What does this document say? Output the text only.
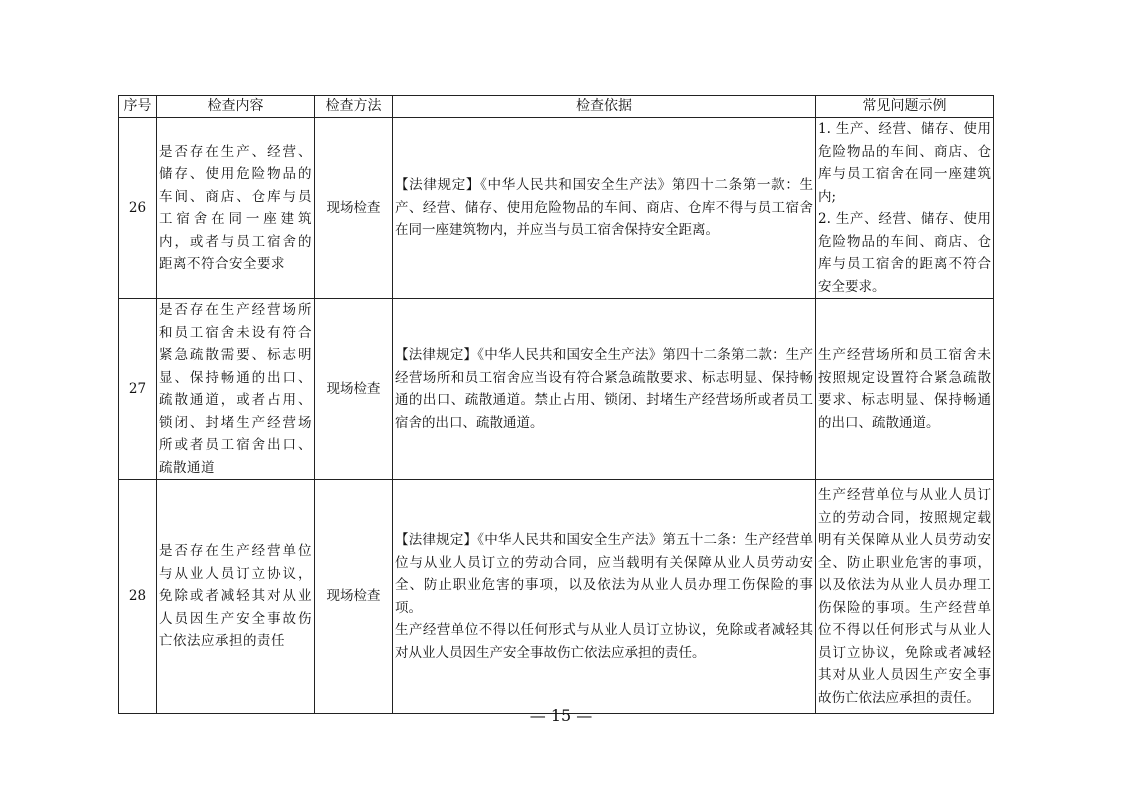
序号	检查内容	检查方法	检查依据	常见问题示例
26	是否存在生产、经营、储存、使用危险物品的车间、商店、仓库与员工宿舍在同一座建筑内，或者与员工宿舍的距离不符合安全要求	现场检查	【法律规定】《中华人民共和国安全生产法》第四十二条第一款：生产、经营、储存、使用危险物品的车间、商店、仓库不得与员工宿舍在同一座建筑物内，并应当与员工宿舍保持安全距离。	1. 生产、经营、储存、使用危险物品的车间、商店、仓库与员工宿舍在同一座建筑内;
2. 生产、经营、储存、使用危险物品的车间、商店、仓库与员工宿舍的距离不符合安全要求。

27	是否存在生产经营场所和员工宿舍未设有符合紧急疏散需要、标志明显、保持畅通的出口、疏散通道，或者占用、锁闭、封堵生产经营场所或者员工宿舍出口、疏散通道	现场检查	【法律规定】《中华人民共和国安全生产法》第四十二条第二款：生产经营场所和员工宿舍应当设有符合紧急疏散要求、标志明显、保持畅通的出口、疏散通道。禁止占用、锁闭、封堵生产经营场所或者员工宿舍的出口、疏散通道。	生产经营场所和员工宿舍未按照规定设置符合紧急疏散要求、标志明显、保持畅通的出口、疏散通道。

28	是否存在生产经营单位与从业人员订立协议，免除或者减轻其对从业人员因生产安全事故伤亡依法应承担的责任	现场检查	【法律规定】《中华人民共和国安全生产法》第五十二条：生产经营单位与从业人员订立的劳动合同，应当载明有关保障从业人员劳动安全、防止职业危害的事项，以及依法为从业人员办理工伤保险的事项。
生产经营单位不得以任何形式与从业人员订立协议，免除或者减轻其对从业人员因生产安全事故伤亡依法应承担的责任。	生产经营单位与从业人员订立的劳动合同，按照规定载明有关保障从业人员劳动安全、防止职业危害的事项，以及依法为从业人员办理工伤保险的事项。生产经营单位不得以任何形式与从业人员订立协议，免除或者减轻其对从业人员因生产安全事故伤亡依法应承担的责任。
— 15 —
